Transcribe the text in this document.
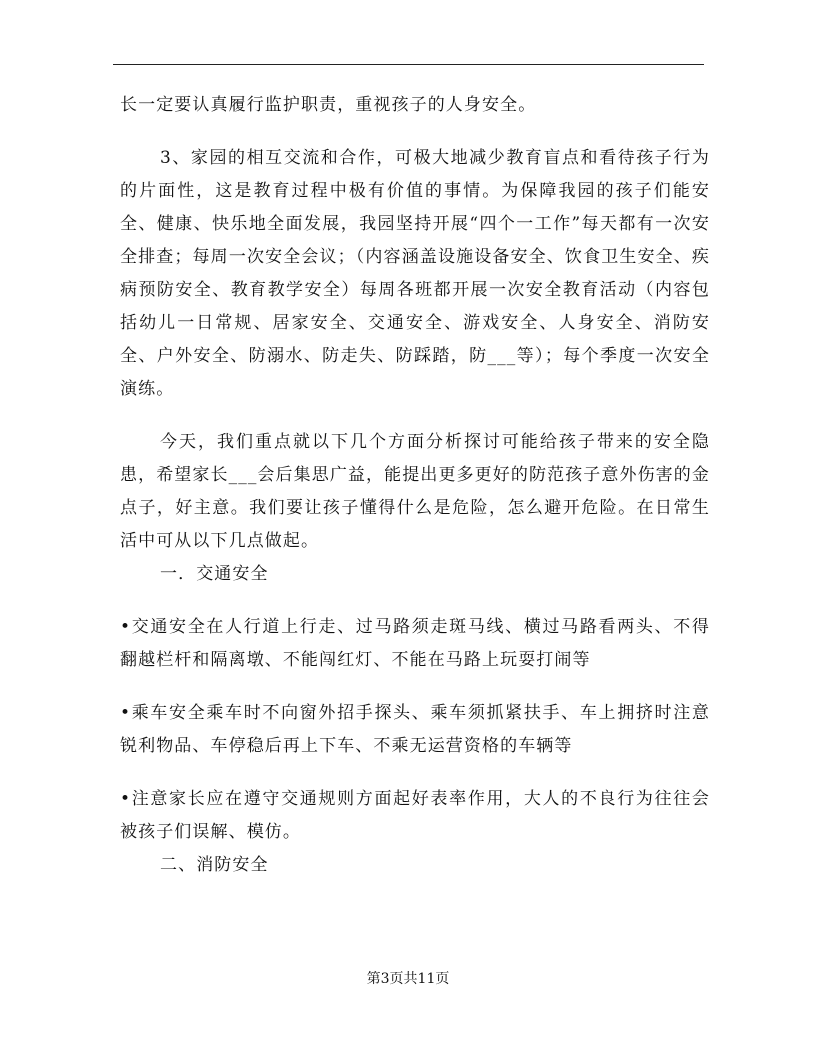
长一定要认真履行监护职责，重视孩子的人身安全。

3、家园的相互交流和合作，可极大地减少教育盲点和看待孩子行为的片面性，这是教育过程中极有价值的事情。为保障我园的孩子们能安全、健康、快乐地全面发展，我园坚持开展“四个一工作”每天都有一次安全排查；每周一次安全会议；（内容涵盖设施设备安全、饮食卫生安全、疾病预防安全、教育教学安全）每周各班都开展一次安全教育活动（内容包括幼儿一日常规、居家安全、交通安全、游戏安全、人身安全、消防安全、户外安全、防溺水、防走失、防踩踏，防___等）；每个季度一次安全演练。

今天，我们重点就以下几个方面分析探讨可能给孩子带来的安全隐患，希望家长___会后集思广益，能提出更多更好的防范孩子意外伤害的金点子，好主意。我们要让孩子懂得什么是危险，怎么避开危险。在日常生活中可从以下几点做起。

一．交通安全

•交通安全在人行道上行走、过马路须走斑马线、横过马路看两头、不得翻越栏杆和隔离墩、不能闯红灯、不能在马路上玩耍打闹等

•乘车安全乘车时不向窗外招手探头、乘车须抓紧扶手、车上拥挤时注意锐利物品、车停稳后再上下车、不乘无运营资格的车辆等

•注意家长应在遵守交通规则方面起好表率作用，大人的不良行为往往会被孩子们误解、模仿。

二、消防安全

第3页共11页
